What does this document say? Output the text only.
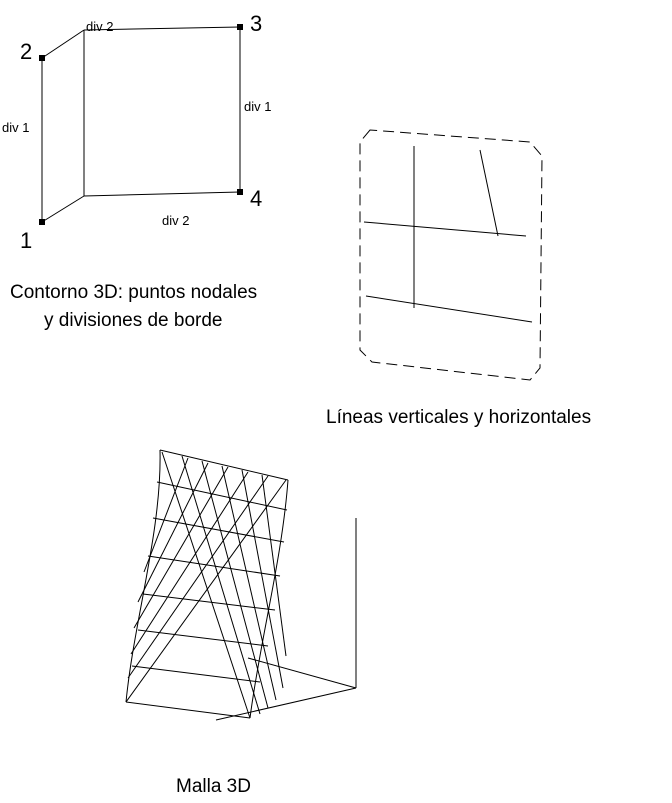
2
3
4
1
div 2
div 1
div 1
div 2
Contorno 3D: puntos nodales
y divisiones de borde
Líneas verticales y horizontales
Malla 3D
